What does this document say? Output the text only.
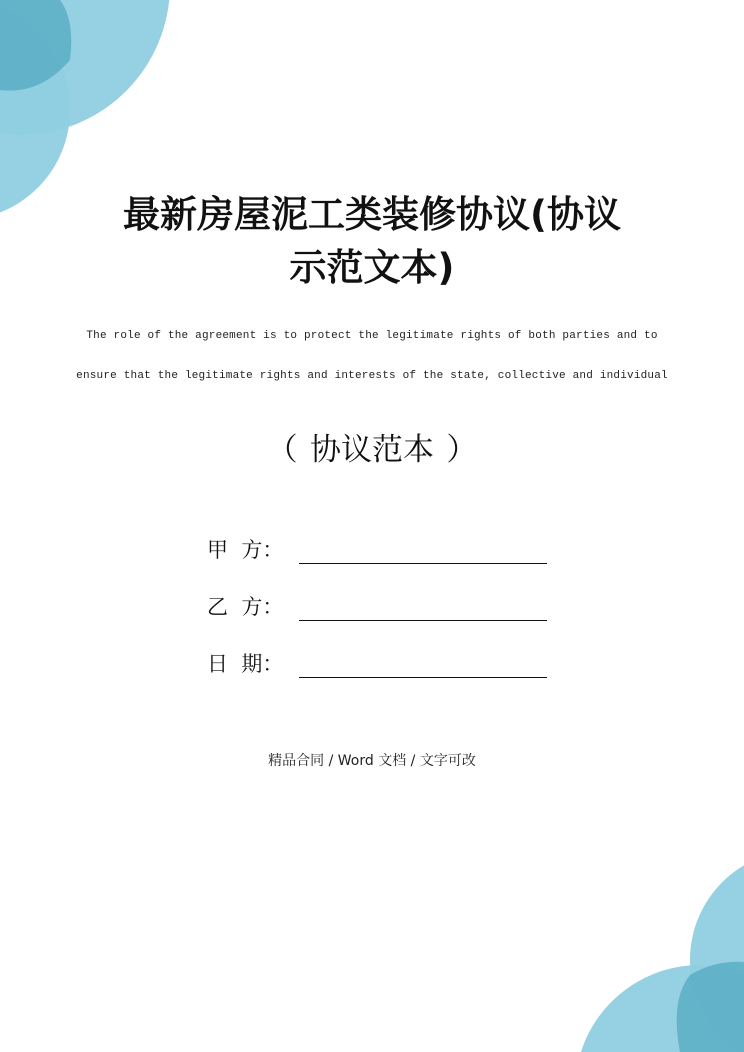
最新房屋泥工类装修协议(协议
示范文本)
The role of the agreement is to protect the legitimate rights of both parties and to
ensure that the legitimate rights and interests of the state, collective and individual
（ 协议范本 ）
甲  方：
乙  方：
日  期：
精品合同 / Word 文档 / 文字可改
